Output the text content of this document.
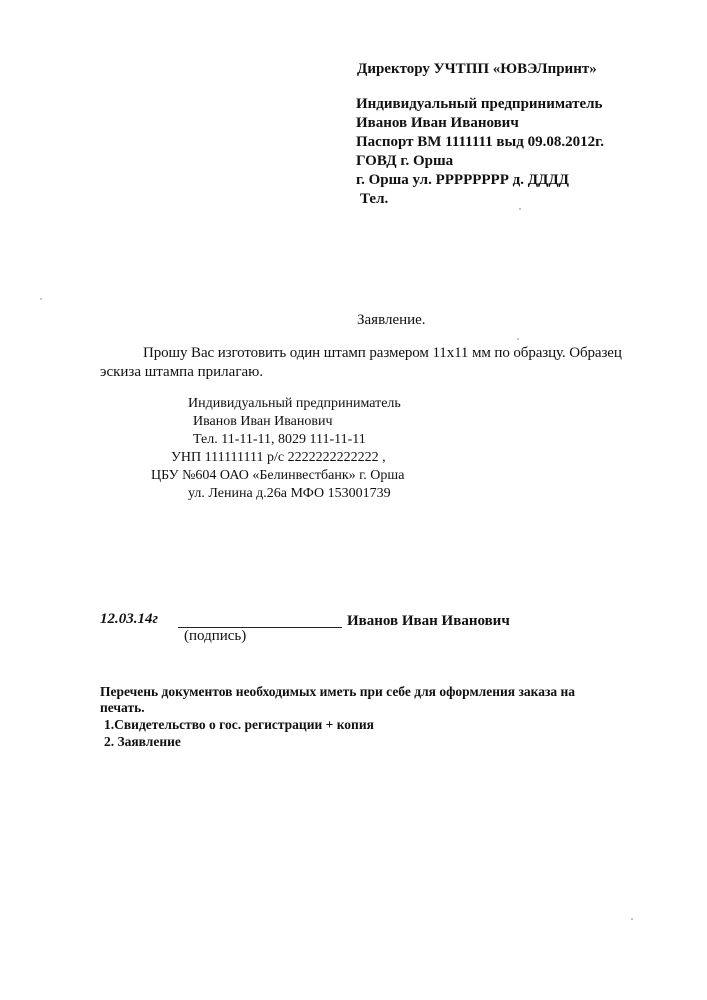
Директору УЧТПП «ЮВЭЛпринт»
Индивидуальный предприниматель
Иванов Иван Иванович
Паспорт ВМ 1111111 выд 09.08.2012г.
ГОВД г. Орша
г. Орша ул. РРРРРРРР д. ДДДД
Тел.
Заявление.
Прошу Вас изготовить один штамп размером 11х11 мм по образцу. Образец
эскиза штампа прилагаю.
Индивидуальный предприниматель
Иванов Иван Иванович
Тел. 11-11-11, 8029 111-11-11
УНП 111111111 р/с 2222222222222 ,
ЦБУ №604 ОАО «Белинвестбанк» г. Орша
ул. Ленина д.26а МФО 153001739
12.03.14г	Иванов Иван Иванович
(подпись)
Перечень документов необходимых иметь при себе для оформления заказа на
печать.
1.Свидетельство о гос. регистрации + копия
2. Заявление
